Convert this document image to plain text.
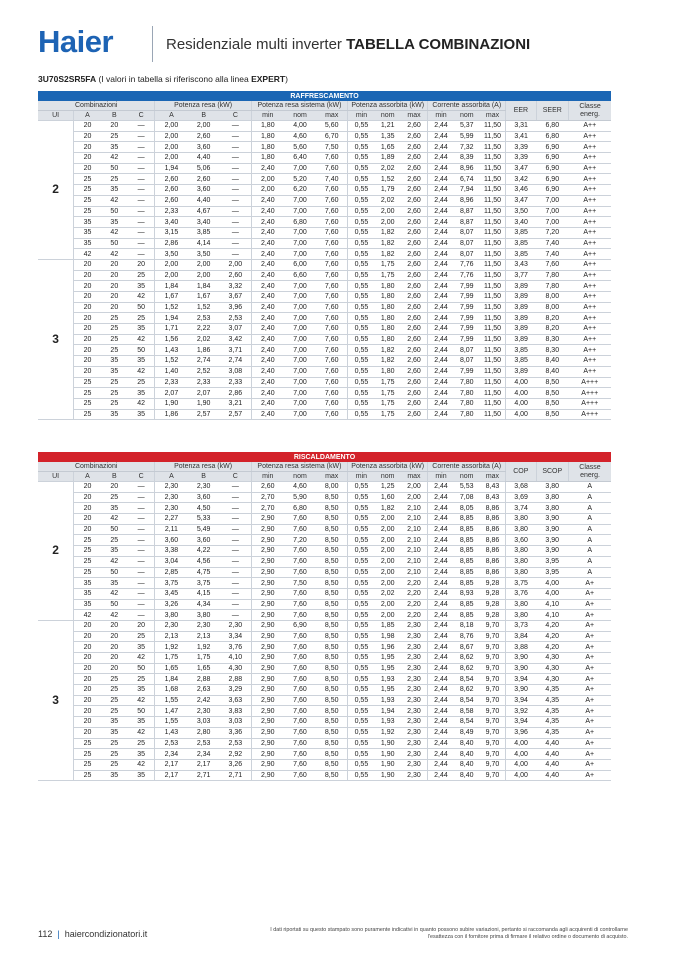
Haier	Residenziale multi inverter TABELLA COMBINAZIONI
3U70S2SR5FA (I valori in tabella si riferiscono alla linea EXPERT)
RAFFRESCAMENTO																		
Combinazioni				Potenza resa (kW)			Potenza resa sistema (kW)			Potenza assorbita (kW)			Corrente assorbita (A)			EER	SEER	Classe energ.
UI	A	B	C	A	B	C	min	nom	max	min	nom	max	min	nom	max			
2	20	20	—	2,00	2,00	—	1,80	4,00	5,60	0,55	1,21	2,60	2,44	5,37	11,50	3,31	6,80	A++
	20	25	—	2,00	2,60	—	1,80	4,60	6,70	0,55	1,35	2,60	2,44	5,99	11,50	3,41	6,80	A++
	20	35	—	2,00	3,60	—	1,80	5,60	7,50	0,55	1,65	2,60	2,44	7,32	11,50	3,39	6,90	A++
	20	42	—	2,00	4,40	—	1,80	6,40	7,60	0,55	1,89	2,60	2,44	8,39	11,50	3,39	6,90	A++
	20	50	—	1,94	5,06	—	2,40	7,00	7,60	0,55	2,02	2,60	2,44	8,96	11,50	3,47	6,90	A++
	25	25	—	2,60	2,60	—	2,00	5,20	7,40	0,55	1,52	2,60	2,44	6,74	11,50	3,42	6,90	A++
	25	35	—	2,60	3,60	—	2,00	6,20	7,60	0,55	1,79	2,60	2,44	7,94	11,50	3,46	6,90	A++
	25	42	—	2,60	4,40	—	2,40	7,00	7,60	0,55	2,02	2,60	2,44	8,96	11,50	3,47	7,00	A++
	25	50	—	2,33	4,67	—	2,40	7,00	7,60	0,55	2,00	2,60	2,44	8,87	11,50	3,50	7,00	A++
	35	35	—	3,40	3,40	—	2,40	6,80	7,60	0,55	2,00	2,60	2,44	8,87	11,50	3,40	7,00	A++
	35	42	—	3,15	3,85	—	2,40	7,00	7,60	0,55	1,82	2,60	2,44	8,07	11,50	3,85	7,20	A++
	35	50	—	2,86	4,14	—	2,40	7,00	7,60	0,55	1,82	2,60	2,44	8,07	11,50	3,85	7,40	A++
	42	42	—	3,50	3,50	—	2,40	7,00	7,60	0,55	1,82	2,60	2,44	8,07	11,50	3,85	7,40	A++
3	20	20	20	2,00	2,00	2,00	2,40	6,00	7,60	0,55	1,75	2,60	2,44	7,76	11,50	3,43	7,60	A++
	20	20	25	2,00	2,00	2,60	2,40	6,60	7,60	0,55	1,75	2,60	2,44	7,76	11,50	3,77	7,80	A++
	20	20	35	1,84	1,84	3,32	2,40	7,00	7,60	0,55	1,80	2,60	2,44	7,99	11,50	3,89	7,80	A++
	20	20	42	1,67	1,67	3,67	2,40	7,00	7,60	0,55	1,80	2,60	2,44	7,99	11,50	3,89	8,00	A++
	20	20	50	1,52	1,52	3,96	2,40	7,00	7,60	0,55	1,80	2,60	2,44	7,99	11,50	3,89	8,00	A++
	20	25	25	1,94	2,53	2,53	2,40	7,00	7,60	0,55	1,80	2,60	2,44	7,99	11,50	3,89	8,20	A++
	20	25	35	1,71	2,22	3,07	2,40	7,00	7,60	0,55	1,80	2,60	2,44	7,99	11,50	3,89	8,20	A++
	20	25	42	1,56	2,02	3,42	2,40	7,00	7,60	0,55	1,80	2,60	2,44	7,99	11,50	3,89	8,30	A++
	20	25	50	1,43	1,86	3,71	2,40	7,00	7,60	0,55	1,82	2,60	2,44	8,07	11,50	3,85	8,30	A++
	20	35	35	1,52	2,74	2,74	2,40	7,00	7,60	0,55	1,82	2,60	2,44	8,07	11,50	3,85	8,40	A++
	20	35	42	1,40	2,52	3,08	2,40	7,00	7,60	0,55	1,80	2,60	2,44	7,99	11,50	3,89	8,40	A++
	25	25	25	2,33	2,33	2,33	2,40	7,00	7,60	0,55	1,75	2,60	2,44	7,80	11,50	4,00	8,50	A+++
	25	25	35	2,07	2,07	2,86	2,40	7,00	7,60	0,55	1,75	2,60	2,44	7,80	11,50	4,00	8,50	A+++
	25	25	42	1,90	1,90	3,21	2,40	7,00	7,60	0,55	1,75	2,60	2,44	7,80	11,50	4,00	8,50	A+++
	25	35	35	1,86	2,57	2,57	2,40	7,00	7,60	0,55	1,75	2,60	2,44	7,80	11,50	4,00	8,50	A+++
RISCALDAMENTO																		
Combinazioni				Potenza resa (kW)			Potenza resa sistema (kW)			Potenza assorbita (kW)			Corrente assorbita (A)			COP	SCOP	Classe energ.
UI	A	B	C	A	B	C	min	nom	max	min	nom	max	min	nom	max			
2	20	20	—	2,30	2,30	—	2,60	4,60	8,00	0,55	1,25	2,00	2,44	5,53	8,43	3,68	3,80	A
	20	25	—	2,30	3,60	—	2,70	5,90	8,50	0,55	1,60	2,00	2,44	7,08	8,43	3,69	3,80	A
	20	35	—	2,30	4,50	—	2,70	6,80	8,50	0,55	1,82	2,10	2,44	8,05	8,86	3,74	3,80	A
	20	42	—	2,27	5,33	—	2,90	7,60	8,50	0,55	2,00	2,10	2,44	8,85	8,86	3,80	3,90	A
	20	50	—	2,11	5,49	—	2,90	7,60	8,50	0,55	2,00	2,10	2,44	8,85	8,86	3,80	3,90	A
	25	25	—	3,60	3,60	—	2,90	7,20	8,50	0,55	2,00	2,10	2,44	8,85	8,86	3,60	3,90	A
	25	35	—	3,38	4,22	—	2,90	7,60	8,50	0,55	2,00	2,10	2,44	8,85	8,86	3,80	3,90	A
	25	42	—	3,04	4,56	—	2,90	7,60	8,50	0,55	2,00	2,10	2,44	8,85	8,86	3,80	3,95	A
	25	50	—	2,85	4,75	—	2,90	7,60	8,50	0,55	2,00	2,10	2,44	8,85	8,86	3,80	3,95	A
	35	35	—	3,75	3,75	—	2,90	7,50	8,50	0,55	2,00	2,20	2,44	8,85	9,28	3,75	4,00	A+
	35	42	—	3,45	4,15	—	2,90	7,60	8,50	0,55	2,02	2,20	2,44	8,93	9,28	3,76	4,00	A+
	35	50	—	3,26	4,34	—	2,90	7,60	8,50	0,55	2,00	2,20	2,44	8,85	9,28	3,80	4,10	A+
	42	42	—	3,80	3,80	—	2,90	7,60	8,50	0,55	2,00	2,20	2,44	8,85	9,28	3,80	4,10	A+
3	20	20	20	2,30	2,30	2,30	2,90	6,90	8,50	0,55	1,85	2,30	2,44	8,18	9,70	3,73	4,20	A+
	20	20	25	2,13	2,13	3,34	2,90	7,60	8,50	0,55	1,98	2,30	2,44	8,76	9,70	3,84	4,20	A+
	20	20	35	1,92	1,92	3,76	2,90	7,60	8,50	0,55	1,96	2,30	2,44	8,67	9,70	3,88	4,20	A+
	20	20	42	1,75	1,75	4,10	2,90	7,60	8,50	0,55	1,95	2,30	2,44	8,62	9,70	3,90	4,30	A+
	20	20	50	1,65	1,65	4,30	2,90	7,60	8,50	0,55	1,95	2,30	2,44	8,62	9,70	3,90	4,30	A+
	20	25	25	1,84	2,88	2,88	2,90	7,60	8,50	0,55	1,93	2,30	2,44	8,54	9,70	3,94	4,30	A+
	20	25	35	1,68	2,63	3,29	2,90	7,60	8,50	0,55	1,95	2,30	2,44	8,62	9,70	3,90	4,35	A+
	20	25	42	1,55	2,42	3,63	2,90	7,60	8,50	0,55	1,93	2,30	2,44	8,54	9,70	3,94	4,35	A+
	20	25	50	1,47	2,30	3,83	2,90	7,60	8,50	0,55	1,94	2,30	2,44	8,58	9,70	3,92	4,35	A+
	20	35	35	1,55	3,03	3,03	2,90	7,60	8,50	0,55	1,93	2,30	2,44	8,54	9,70	3,94	4,35	A+
	20	35	42	1,43	2,80	3,36	2,90	7,60	8,50	0,55	1,92	2,30	2,44	8,49	9,70	3,96	4,35	A+
	25	25	25	2,53	2,53	2,53	2,90	7,60	8,50	0,55	1,90	2,30	2,44	8,40	9,70	4,00	4,40	A+
	25	25	35	2,34	2,34	2,92	2,90	7,60	8,50	0,55	1,90	2,30	2,44	8,40	9,70	4,00	4,40	A+
	25	25	42	2,17	2,17	3,26	2,90	7,60	8,50	0,55	1,90	2,30	2,44	8,40	9,70	4,00	4,40	A+
	25	35	35	2,17	2,71	2,71	2,90	7,60	8,50	0,55	1,90	2,30	2,44	8,40	9,70	4,00	4,40	A+
112 | haiercondizionatori.it	I dati riportati su questo stampato sono puramente indicativi in quanto possono subire variazioni, pertanto si raccomanda agli acquirenti di controllarne l'esattezza con il fornitore prima di firmare il relativo ordine o documento di acquisto.
